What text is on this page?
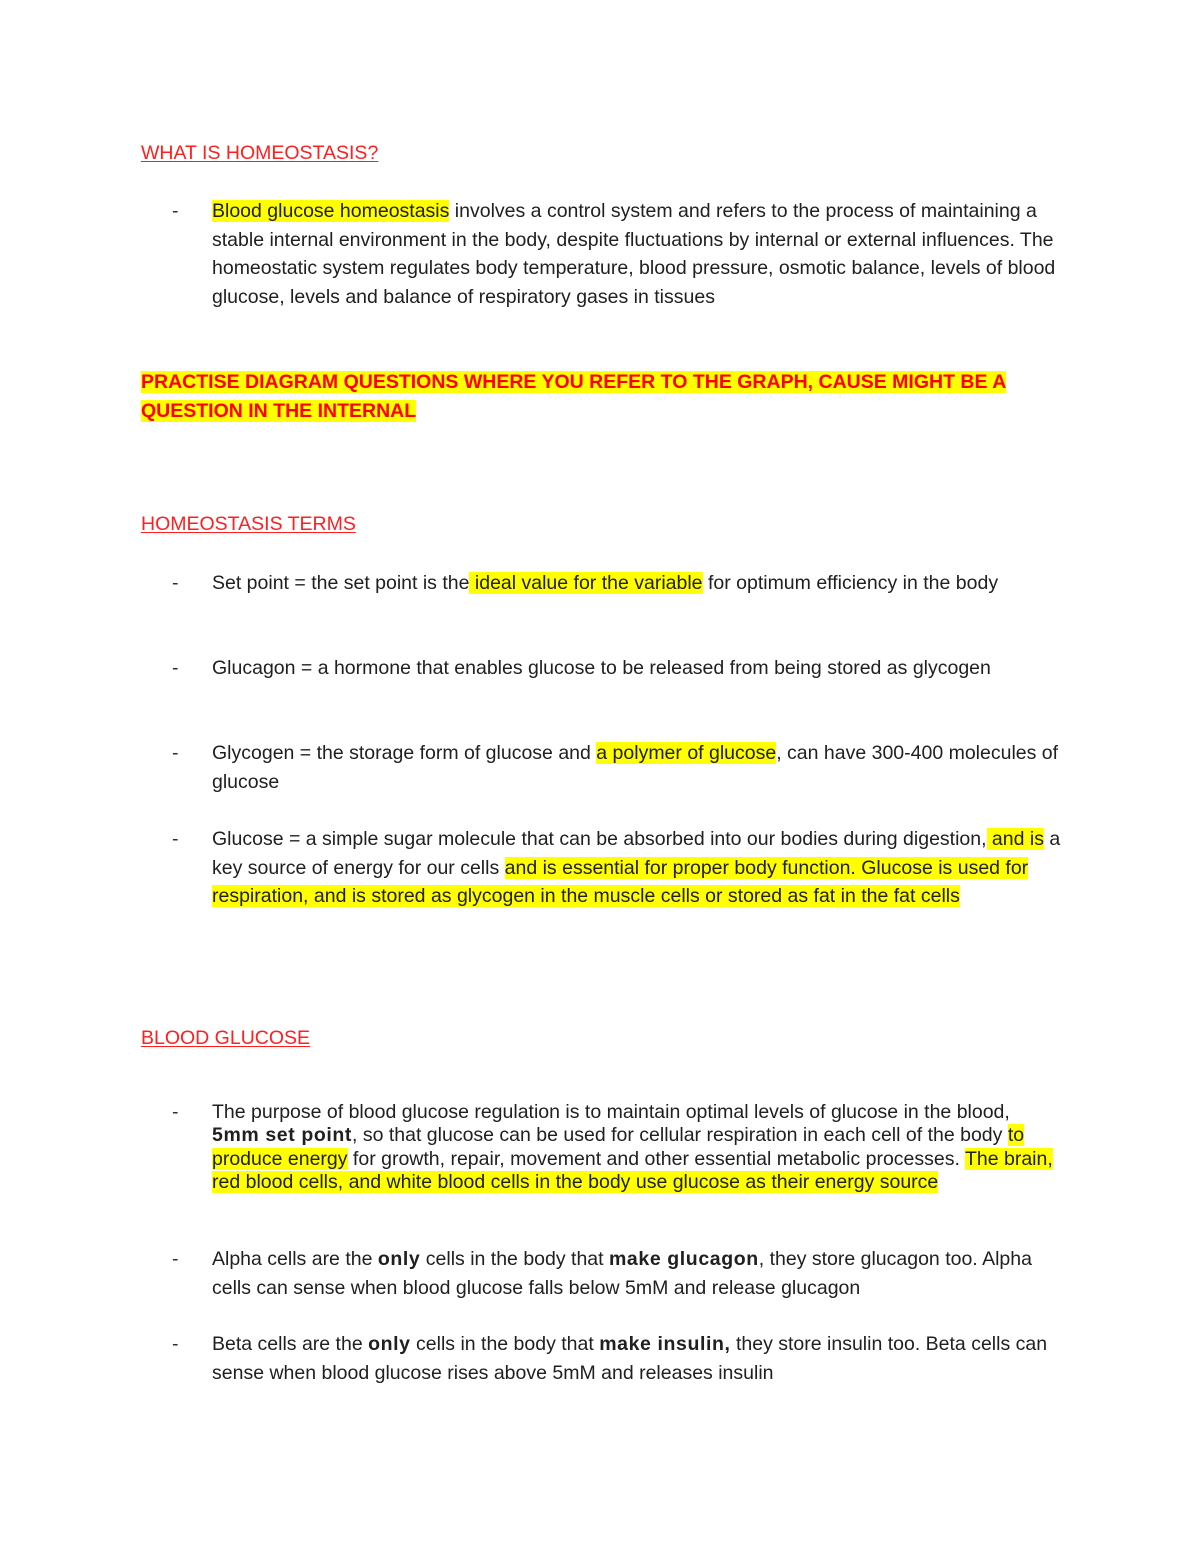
WHAT IS HOMEOSTASIS?
- Blood glucose homeostasis involves a control system and refers to the process of maintaining a stable internal environment in the body, despite fluctuations by internal or external influences. The homeostatic system regulates body temperature, blood pressure, osmotic balance, levels of blood glucose, levels and balance of respiratory gases in tissues

PRACTISE DIAGRAM QUESTIONS WHERE YOU REFER TO THE GRAPH, CAUSE MIGHT BE A QUESTION IN THE INTERNAL

HOMEOSTASIS TERMS
- Set point = the set point is the ideal value for the variable for optimum efficiency in the body
- Glucagon = a hormone that enables glucose to be released from being stored as glycogen
- Glycogen = the storage form of glucose and a polymer of glucose, can have 300-400 molecules of glucose
- Glucose = a simple sugar molecule that can be absorbed into our bodies during digestion, and is a key source of energy for our cells and is essential for proper body function. Glucose is used for respiration, and is stored as glycogen in the muscle cells or stored as fat in the fat cells
BLOOD GLUCOSE
- The purpose of blood glucose regulation is to maintain optimal levels of glucose in the blood, 5mm set point, so that glucose can be used for cellular respiration in each cell of the body to produce energy for growth, repair, movement and other essential metabolic processes. The brain, red blood cells, and white blood cells in the body use glucose as their energy source
- Alpha cells are the only cells in the body that make glucagon, they store glucagon too. Alpha cells can sense when blood glucose falls below 5mM and release glucagon
- Beta cells are the only cells in the body that make insulin, they store insulin too. Beta cells can sense when blood glucose rises above 5mM and releases insulin
